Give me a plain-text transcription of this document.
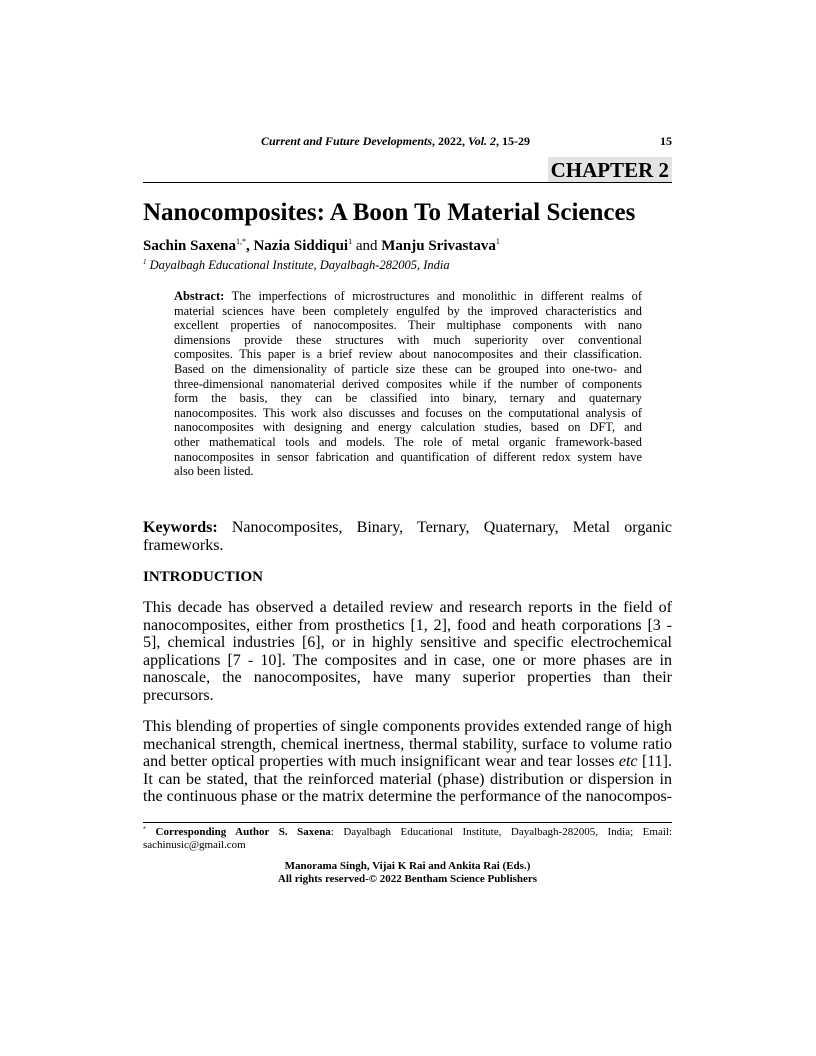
Current and Future Developments, 2022, Vol. 2, 15-29	15
CHAPTER 2
Nanocomposites: A Boon To Material Sciences
Sachin Saxena$^{1,*}$, Nazia Siddiqui$^1$ and Manju Srivastava$^1$
$^1$ Dayalbagh Educational Institute, Dayalbagh-282005, India
Abstract: The imperfections of microstructures and monolithic in different realms of
material sciences have been completely engulfed by the improved characteristics and
excellent properties of nanocomposites. Their multiphase components with nano
dimensions provide these structures with much superiority over conventional
composites. This paper is a brief review about nanocomposites and their classification.
Based on the dimensionality of particle size these can be grouped into one-two- and
three-dimensional nanomaterial derived composites while if the number of components
form the basis, they can be classified into binary, ternary and quaternary
nanocomposites. This work also discusses and focuses on the computational analysis of
nanocomposites with designing and energy calculation studies, based on DFT, and
other mathematical tools and models. The role of metal organic framework-based
nanocomposites in sensor fabrication and quantification of different redox system have
also been listed.
Keywords: Nanocomposites, Binary, Ternary, Quaternary, Metal organic
frameworks.
INTRODUCTION
This decade has observed a detailed review and research reports in the field of
nanocomposites, either from prosthetics [1, 2], food and heath corporations [3 -
5], chemical industries [6], or in highly sensitive and specific electrochemical
applications [7 - 10]. The composites and in case, one or more phases are in
nanoscale, the nanocomposites, have many superior properties than their
precursors.
This blending of properties of single components provides extended range of high
mechanical strength, chemical inertness, thermal stability, surface to volume ratio
and better optical properties with much insignificant wear and tear losses etc [11].
It can be stated, that the reinforced material (phase) distribution or dispersion in
the continuous phase or the matrix determine the performance of the nanocompos-
* Corresponding Author S. Saxena: Dayalbagh Educational Institute, Dayalbagh-282005, India; Email:
sachinusic@gmail.com
Manorama Singh, Vijai K Rai and Ankita Rai (Eds.)
All rights reserved-© 2022 Bentham Science Publishers
